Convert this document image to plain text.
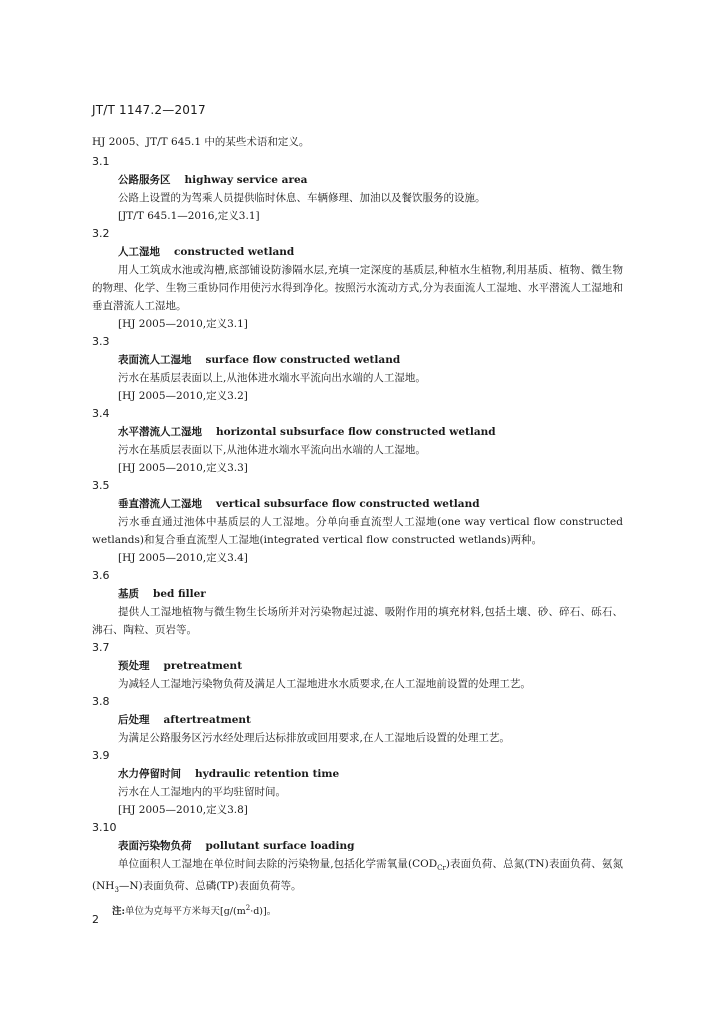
JT/T 1147.2—2017

HJ 2005、JT/T 645.1 中的某些术语和定义。

3.1

公路服务区 highway service area

公路上设置的为驾乘人员提供临时休息、车辆修理、加油以及餐饮服务的设施。

[JT/T 645.1—2016,定义3.1]

3.2

人工湿地 constructed wetland

用人工筑成水池或沟槽,底部铺设防渗隔水层,充填一定深度的基质层,种植水生植物,利用基质、植物、微生物的物理、化学、生物三重协同作用使污水得到净化。按照污水流动方式,分为表面流人工湿地、水平潜流人工湿地和垂直潜流人工湿地。

[HJ 2005—2010,定义3.1]

3.3

表面流人工湿地 surface flow constructed wetland

污水在基质层表面以上,从池体进水端水平流向出水端的人工湿地。

[HJ 2005—2010,定义3.2]

3.4

水平潜流人工湿地 horizontal subsurface flow constructed wetland

污水在基质层表面以下,从池体进水端水平流向出水端的人工湿地。

[HJ 2005—2010,定义3.3]

3.5

垂直潜流人工湿地 vertical subsurface flow constructed wetland

污水垂直通过池体中基质层的人工湿地。分单向垂直流型人工湿地(one way vertical flow constructed wetlands)和复合垂直流型人工湿地(integrated vertical flow constructed wetlands)两种。

[HJ 2005—2010,定义3.4]

3.6

基质 bed filler

提供人工湿地植物与微生物生长场所并对污染物起过滤、吸附作用的填充材料,包括土壤、砂、碎石、砾石、沸石、陶粒、页岩等。

3.7

预处理 pretreatment

为减轻人工湿地污染物负荷及满足人工湿地进水水质要求,在人工湿地前设置的处理工艺。

3.8

后处理 aftertreatment

为满足公路服务区污水经处理后达标排放或回用要求,在人工湿地后设置的处理工艺。

3.9

水力停留时间 hydraulic retention time

污水在人工湿地内的平均驻留时间。

[HJ 2005—2010,定义3.8]

3.10

表面污染物负荷 pollutant surface loading

单位面积人工湿地在单位时间去除的污染物量,包括化学需氧量$(COD_{Cr})$表面负荷、总氮(TN)表面负荷、氨氮$(NH_3—N)$表面负荷、总磷(TP)表面负荷等。

注:单位为克每平方米每天$[g/(m^2\cdot d)]$。

2
